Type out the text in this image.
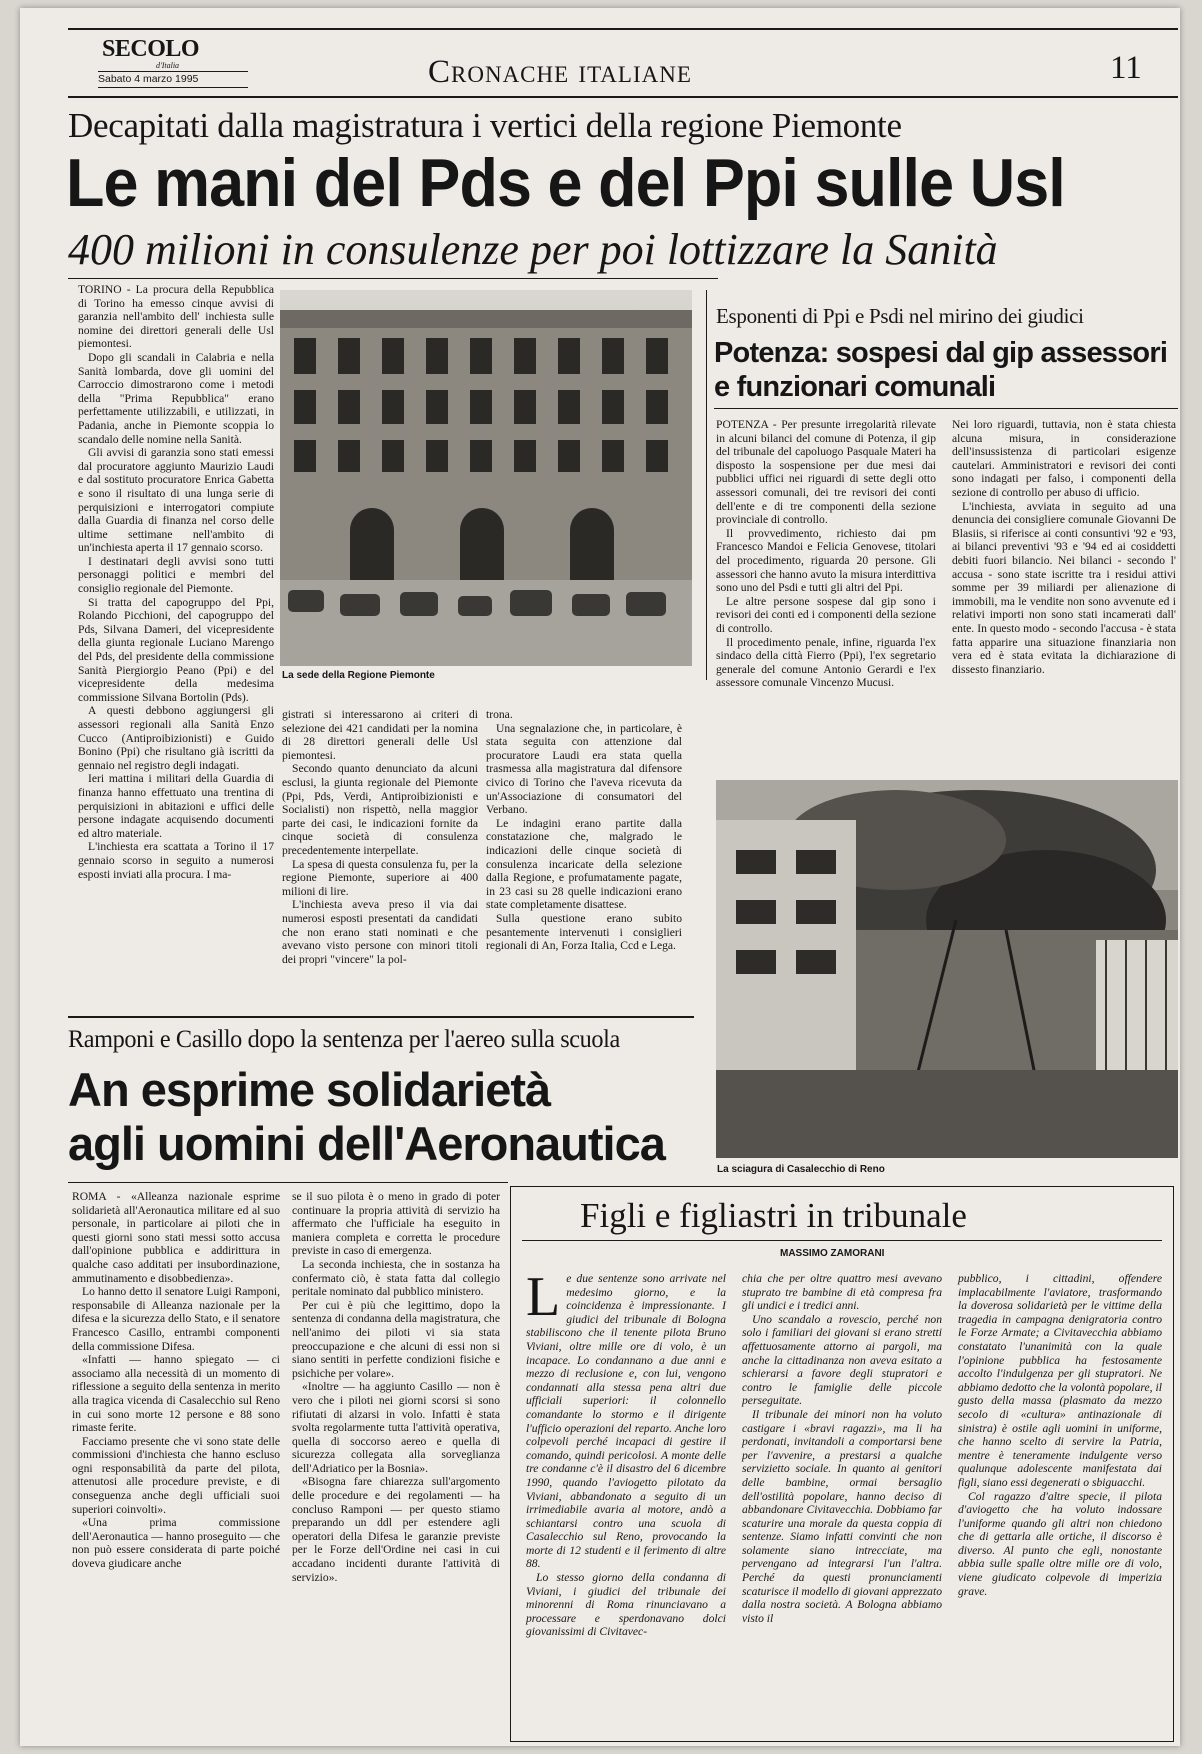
SECOLO
d'Italia
Sabato 4 marzo 1995	Cronache italiane	11
Decapitati dalla magistratura i vertici della regione Piemonte
Le mani del Pds e del Ppi sulle Usl
400 milioni in consulenze per poi lottizzare la Sanità
La sede della Regione Piemonte

TORINO - La procura della Repubblica di Torino ha emesso cinque avvisi di garanzia nell'ambito dell' inchiesta sulle nomine dei direttori generali delle Usl piemontesi.

Dopo gli scandali in Calabria e nella Sanità lombarda, dove gli uomini del Carroccio dimostrarono come i metodi della "Prima Repubblica" erano perfettamente utilizzabili, e utilizzati, in Padania, anche in Piemonte scoppia lo scandalo delle nomine nella Sanità.

Gli avvisi di garanzia sono stati emessi dal procuratore aggiunto Maurizio Laudi e dal sostituto procuratore Enrica Gabetta e sono il risultato di una lunga serie di perquisizioni e interrogatori compiute dalla Guardia di finanza nel corso delle ultime settimane nell'ambito di un'inchiesta aperta il 17 gennaio scorso.

I destinatari degli avvisi sono tutti personaggi politici e membri del consiglio regionale del Piemonte.

Si tratta del capogruppo del Ppi, Rolando Picchioni, del capogruppo del Pds, Silvana Dameri, del vicepresidente della giunta regionale Luciano Marengo del Pds, del presidente della commissione Sanità Piergiorgio Peano (Ppi) e del vicepresidente della medesima commissione Silvana Bortolin (Pds).

A questi debbono aggiungersi gli assessori regionali alla Sanità Enzo Cucco (Antiproibizionisti) e Guido Bonino (Ppi) che risultano già iscritti da gennaio nel registro degli indagati.

Ieri mattina i militari della Guardia di finanza hanno effettuato una trentina di perquisizioni in abitazioni e uffici delle persone indagate acquisendo documenti ed altro materiale.

L'inchiesta era scattata a Torino il 17 gennaio scorso in seguito a numerosi esposti inviati alla procura. I ma-

gistrati si interessarono ai criteri di selezione dei 421 candidati per la nomina di 28 direttori generali delle Usl piemontesi.

Secondo quanto denunciato da alcuni esclusi, la giunta regionale del Piemonte (Ppi, Pds, Verdi, Antiproibizionisti e Socialisti) non rispettò, nella maggior parte dei casi, le indicazioni fornite da cinque società di consulenza precedentemente interpellate.

La spesa di questa consulenza fu, per la regione Piemonte, superiore ai 400 milioni di lire.

L'inchiesta aveva preso il via dai numerosi esposti presentati da candidati che non erano stati nominati e che avevano visto persone con minori titoli dei propri "vincere" la pol-

trona.

Una segnalazione che, in particolare, è stata seguita con attenzione dal procuratore Laudi era stata quella trasmessa alla magistratura dal difensore civico di Torino che l'aveva ricevuta da un'Associazione di consumatori del Verbano.

Le indagini erano partite dalla constatazione che, malgrado le indicazioni delle cinque società di consulenza incaricate della selezione dalla Regione, e profumatamente pagate, in 23 casi su 28 quelle indicazioni erano state completamente disattese.

Sulla questione erano subito pesantemente intervenuti i consiglieri regionali di An, Forza Italia, Ccd e Lega.

Esponenti di Ppi e Psdi nel mirino dei giudici
Potenza: sospesi dal gip assessori e funzionari comunali

POTENZA - Per presunte irregolarità rilevate in alcuni bilanci del comune di Potenza, il gip del tribunale del capoluogo Pasquale Materi ha disposto la sospensione per due mesi dai pubblici uffici nei riguardi di sette degli otto assessori comunali, dei tre revisori dei conti dell'ente e di tre componenti della sezione provinciale di controllo.

Il provvedimento, richiesto dai pm Francesco Mandoi e Felicia Genovese, titolari del procedimento, riguarda 20 persone. Gli assessori che hanno avuto la misura interdittiva sono uno del Psdi e tutti gli altri del Ppi.

Le altre persone sospese dal gip sono i revisori dei conti ed i componenti della sezione di controllo.

Il procedimento penale, infine, riguarda l'ex sindaco della città Fierro (Ppi), l'ex segretario generale del comune Antonio Gerardi e l'ex assessore comunale Vincenzo Mucusi.

Nei loro riguardi, tuttavia, non è stata chiesta alcuna misura, in considerazione dell'insussistenza di particolari esigenze cautelari. Amministratori e revisori dei conti sono indagati per falso, i componenti della sezione di controllo per abuso di ufficio.

L'inchiesta, avviata in seguito ad una denuncia dei consigliere comunale Giovanni De Blasiis, si riferisce ai conti consuntivi '92 e '93, ai bilanci preventivi '93 e '94 ed ai cosiddetti debiti fuori bilancio. Nei bilanci - secondo l' accusa - sono state iscritte tra i residui attivi somme per 39 miliardi per alienazione di immobili, ma le vendite non sono avvenute ed i relativi importi non sono stati incamerati dall' ente. In questo modo - secondo l'accusa - è stata fatta apparire una situazione finanziaria non vera ed è stata evitata la dichiarazione di dissesto finanziario.

La sciagura di Casalecchio di Reno
Ramponi e Casillo dopo la sentenza per l'aereo sulla scuola
An esprime solidarietà
agli uomini dell'Aeronautica

ROMA - «Alleanza nazionale esprime solidarietà all'Aeronautica militare ed al suo personale, in particolare ai piloti che in questi giorni sono stati messi sotto accusa dall'opinione pubblica e addirittura in qualche caso additati per insubordinazione, ammutinamento e disobbedienza».

Lo hanno detto il senatore Luigi Ramponi, responsabile di Alleanza nazionale per la difesa e la sicurezza dello Stato, e il senatore Francesco Casillo, entrambi componenti della commissione Difesa.

«Infatti — hanno spiegato — ci associamo alla necessità di un momento di riflessione a seguito della sentenza in merito alla tragica vicenda di Casalecchio sul Reno in cui sono morte 12 persone e 88 sono rimaste ferite.

Facciamo presente che vi sono state delle commissioni d'inchiesta che hanno escluso ogni responsabilità da parte del pilota, attenutosi alle procedure previste, e di conseguenza anche degli ufficiali suoi superiori coinvolti».

«Una prima commissione dell'Aeronautica — hanno proseguito — che non può essere considerata di parte poiché doveva giudicare anche

se il suo pilota è o meno in grado di poter continuare la propria attività di servizio ha affermato che l'ufficiale ha eseguito in maniera completa e corretta le procedure previste in caso di emergenza.

La seconda inchiesta, che in sostanza ha confermato ciò, è stata fatta dal collegio peritale nominato dal pubblico ministero.

Per cui è più che legittimo, dopo la sentenza di condanna della magistratura, che nell'animo dei piloti vi sia stata preoccupazione e che alcuni di essi non si siano sentiti in perfette condizioni fisiche e psichiche per volare».

«Inoltre — ha aggiunto Casillo — non è vero che i piloti nei giorni scorsi si sono rifiutati di alzarsi in volo. Infatti è stata svolta regolarmente tutta l'attività operativa, quella di soccorso aereo e quella di sicurezza collegata alla sorveglianza dell'Adriatico per la Bosnia».

«Bisogna fare chiarezza sull'argomento delle procedure e dei regolamenti — ha concluso Ramponi — per questo stiamo preparando un ddl per estendere agli operatori della Difesa le garanzie previste per le Forze dell'Ordine nei casi in cui accadano incidenti durante l'attività di servizio».

Figli e figliastri in tribunale
MASSIMO ZAMORANI

Le due sentenze sono arrivate nel medesimo giorno, e la coincidenza è impressionante. I giudici del tribunale di Bologna stabiliscono che il tenente pilota Bruno Viviani, oltre mille ore di volo, è un incapace. Lo condannano a due anni e mezzo di reclusione e, con lui, vengono condannati alla stessa pena altri due ufficiali superiori: il colonnello comandante lo stormo e il dirigente l'ufficio operazioni del reparto. Anche loro colpevoli perché incapaci di gestire il comando, quindi pericolosi. A monte delle tre condanne c'è il disastro del 6 dicembre 1990, quando l'aviogetto pilotato da Viviani, abbandonato a seguito di un irrimediabile avaria al motore, andò a schiantarsi contro una scuola di Casalecchio sul Reno, provocando la morte di 12 studenti e il ferimento di altre 88.

Lo stesso giorno della condanna di Viviani, i giudici del tribunale dei minorenni di Roma rinunciavano a processare e sperdonavano dolci giovanissimi di Civitavec-

chia che per oltre quattro mesi avevano stuprato tre bambine di età compresa fra gli undici e i tredici anni.

Uno scandalo a rovescio, perché non solo i familiari dei giovani si erano stretti affettuosamente attorno ai pargoli, ma anche la cittadinanza non aveva esitato a schierarsi a favore degli stupratori e contro le famiglie delle piccole perseguitate.

Il tribunale dei minori non ha voluto castigare i «bravi ragazzi», ma li ha perdonati, invitandoli a comportarsi bene per l'avvenire, a prestarsi a qualche servizietto sociale. In quanto ai genitori delle bambine, ormai bersaglio dell'ostilità popolare, hanno deciso di abbandonare Civitavecchia. Dobbiamo far scaturire una morale da questa coppia di sentenze. Siamo infatti convinti che non solamente siano intrecciate, ma pervengano ad integrarsi l'un l'altra. Perché da questi pronunciamenti scaturisce il modello di giovani apprezzato dalla nostra società. A Bologna abbiamo visto il

pubblico, i cittadini, offendere implacabilmente l'aviatore, trasformando la doverosa solidarietà per le vittime della tragedia in campagna denigratoria contro le Forze Armate; a Civitavecchia abbiamo constatato l'unanimità con la quale l'opinione pubblica ha festosamente accolto l'indulgenza per gli stupratori. Ne abbiamo dedotto che la volontà popolare, il gusto della massa (plasmato da mezzo secolo di «cultura» antinazionale di sinistra) è ostile agli uomini in uniforme, che hanno scelto di servire la Patria, mentre è teneramente indulgente verso qualunque adolescente manifestata dai figli, siano essi degenerati o sbiguacchi.

Col ragazzo d'altre specie, il pilota d'aviogetto che ha voluto indossare l'uniforme quando gli altri non chiedono che di gettarla alle ortiche, il discorso è diverso. Al punto che egli, nonostante abbia sulle spalle oltre mille ore di volo, viene giudicato colpevole di imperizia grave.
